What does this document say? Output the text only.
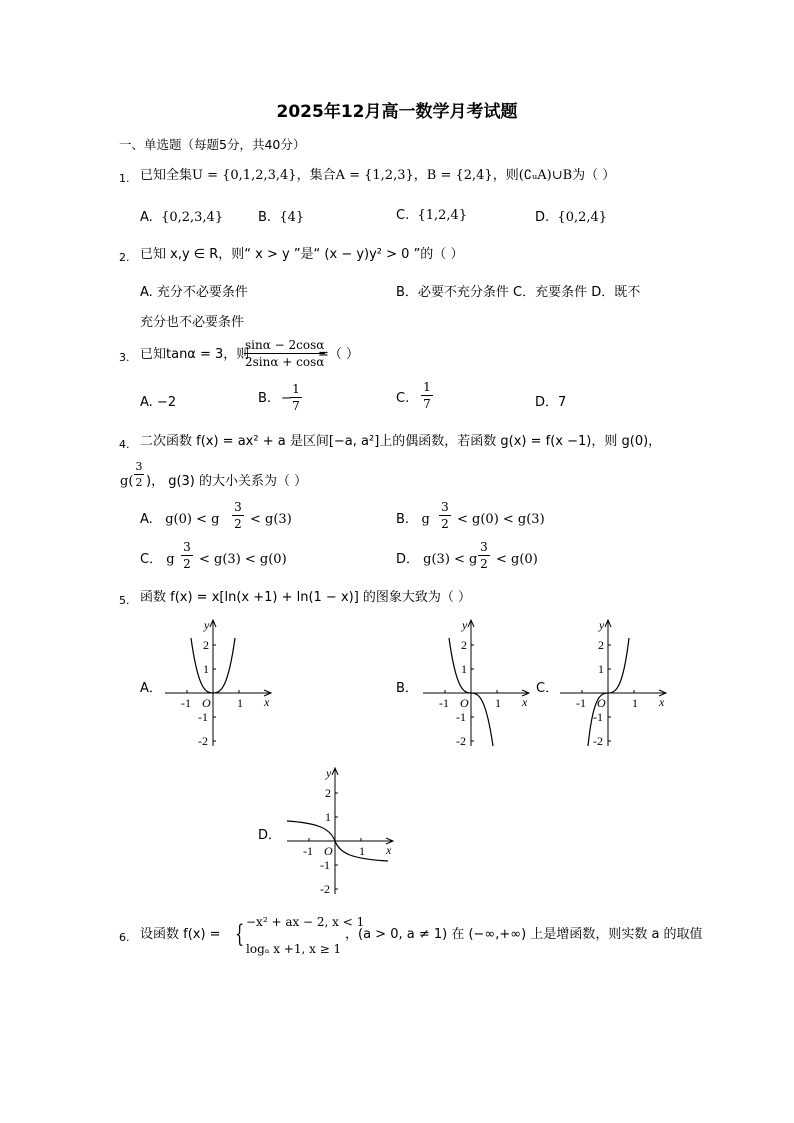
2025年12月高一数学月考试题
一、单选题（每题5分，共40分）
1. 已知全集U = {0,1,2,3,4}，集合A = {1,2,3}，B = {2,4}，则(∁ᵤA)∪B为（ ）
A. {0,2,3,4}	B. {4}	C. {1,2,4}	D. {0,2,4}
2. 已知 x,y ∈ R，则“ x > y ”是“ (x − y)y² > 0 ”的（ ）
A. 充分不必要条件	B．必要不充分条件 C．充要条件 D．既不
充分也不必要条件
3. 已知tanα = 3，则
sinα − 2cosα
2sinα + cosα
=（ ）
A. −2	B. −
1
7	C.
1
7	D．7
4. 二次函数 f(x) = ax² + a 是区间[−a, a²]上的偶函数，若函数 g(x) = f(x −1)，则 g(0)，
g(
3
2 )， g(3) 的大小关系为（ ）
A. g(0) < g
3
2 < g(3)	B. g
3
2 < g(0) < g(3)
C． g
3
2 < g(3) < g(0)	D． g(3) < g
3
2 < g(0)
5. 函数 f(x) = x[ln(x +1) + ln(1 − x)] 的图象大致为（ ）
A．	B．	C．
D．
y
x
O
2
1
-1
-2
-1	1
y
x
O
2
1
-1
-2
-1	1
y
x
O
2
1
-1
-2
-1	1
y
x
O
2
1
-1
-2
-1	1
6. 设函数 f(x) = { −x² + ax − 2, x < 1
logₐ x +1, x ≥ 1
，(a > 0, a ≠ 1) 在 (−∞,+∞) 上是增函数，则实数 a 的取值
